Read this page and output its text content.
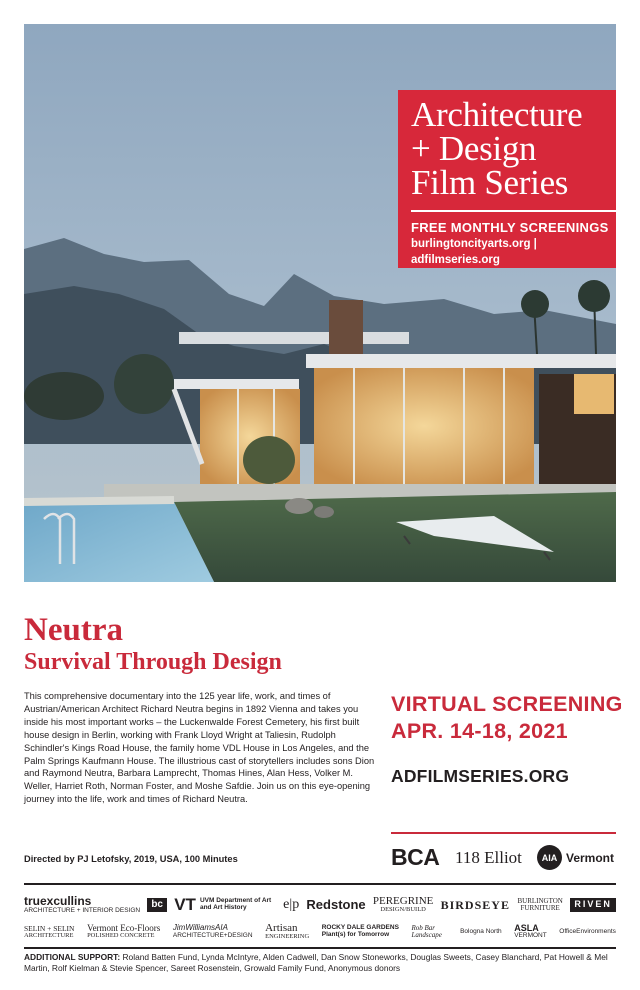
Architecture
+ Design
Film Series
FREE MONTHLY SCREENINGS
burlingtoncityarts.org | adfilmseries.org
Neutra
Survival Through Design

This comprehensive documentary into the 125 year life, work, and times of Austrian/American Architect Richard Neutra begins in 1892 Vienna and takes you inside his most important works – the Luckenwalde Forest Cemetery, his first built house design in Berlin, working with Frank Lloyd Wright at Taliesin, Rudolph Schindler's Kings Road House, the family home VDL House in Los Angeles, and the Palm Springs Kaufmann House. The illustrious cast of storytellers includes sons Dion and Raymond Neutra, Barbara Lamprecht, Thomas Hines, Alan Hess, Volker M. Weller, Harriet Roth, Norman Foster, and Moshe Safdie. Join us on this eye-opening journey into the life, work and times of Richard Neutra.

Directed by PJ Letofsky, 2019, USA, 100 Minutes
VIRTUAL SCREENING
APR. 14-18, 2021
ADFILMSERIES.ORG
BCA 118 Elliot	AIA Vermont
truexcullins
ARCHITECTURE + INTERIOR DESIGN
bc VT UVM Department of Art and Art History	e|p Redstone PEREGRINE
DESIGN/BUILD	BIRDSEYE BURLINGTON FURNITURE	RIVEN
SELIN + SELIN
ARCHITECTURE
Vermont Eco-Floors
POLISHED CONCRETE
JimWilliamsAIA
ARCHITECTURE+DESIGN
Artisan
ENGINEERING
ROCKY DALE GARDENS
Plant(s) for Tomorrow
Rob Bar Landscape	Bologna North ASLA
VERMONT
OfficeEnvironments
ADDITIONAL SUPPORT: Roland Batten Fund, Lynda McIntyre, Alden Cadwell, Dan Snow Stoneworks, Douglas Sweets, Casey Blanchard, Pat Howell & Mel Martin, Rolf Kielman & Stevie Spencer, Sareet Rosenstein, Growald Family Fund, Anonymous donors
